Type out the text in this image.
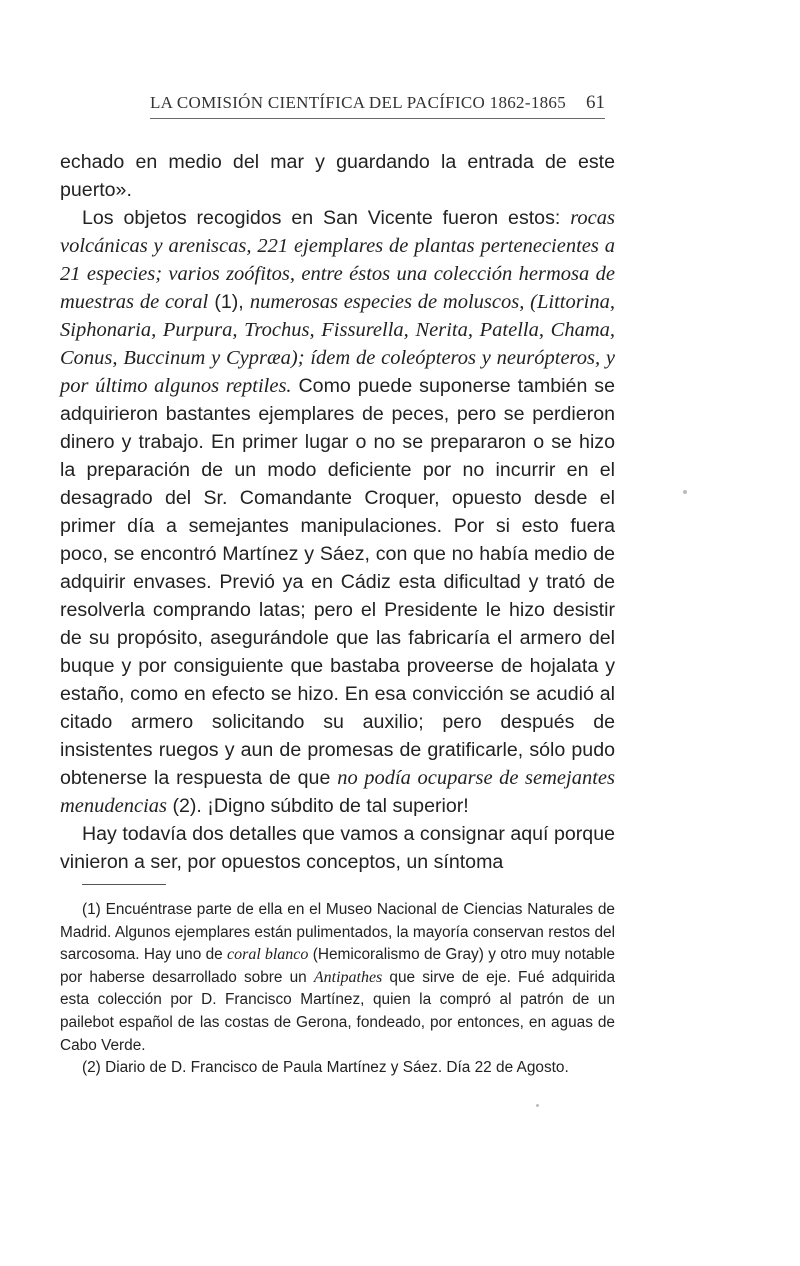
LA COMISIÓN CIENTÍFICA DEL PACÍFICO 1862-1865	61

echado en medio del mar y guardando la entrada de este puerto».

Los objetos recogidos en San Vicente fueron estos: rocas volcánicas y areniscas, 221 ejemplares de plantas pertenecientes a 21 especies; varios zoófitos, entre éstos una colección hermosa de muestras de coral (1), numerosas especies de moluscos, (Littorina, Siphonaria, Purpura, Trochus, Fissurella, Nerita, Patella, Chama, Conus, Buccinum y Cypræa); ídem de coleópteros y neurópteros, y por último algunos reptiles. Como puede suponerse también se adquirieron bastantes ejemplares de peces, pero se perdieron dinero y trabajo. En primer lugar o no se prepararon o se hizo la preparación de un modo deficiente por no incurrir en el desagrado del Sr. Comandante Croquer, opuesto desde el primer día a semejantes manipulaciones. Por si esto fuera poco, se encontró Martínez y Sáez, con que no había medio de adquirir envases. Previó ya en Cádiz esta dificultad y trató de resolverla comprando latas; pero el Presidente le hizo desistir de su propósito, asegurándole que las fabricaría el armero del buque y por consiguiente que bastaba proveerse de hojalata y estaño, como en efecto se hizo. En esa convicción se acudió al citado armero solicitando su auxilio; pero después de insistentes ruegos y aun de promesas de gratificarle, sólo pudo obtenerse la respuesta de que no podía ocuparse de semejantes menudencias (2). ¡Digno súbdito de tal superior!

Hay todavía dos detalles que vamos a consignar aquí porque vinieron a ser, por opuestos conceptos, un síntoma

(1) Encuéntrase parte de ella en el Museo Nacional de Ciencias Naturales de Madrid. Algunos ejemplares están pulimentados, la mayoría conservan restos del sarcosoma. Hay uno de coral blanco (Hemicoralismo de Gray) y otro muy notable por haberse desarrollado sobre un Antipathes que sirve de eje. Fué adquirida esta colección por D. Francisco Martínez, quien la compró al patrón de un pailebot español de las costas de Gerona, fondeado, por entonces, en aguas de Cabo Verde.

(2) Diario de D. Francisco de Paula Martínez y Sáez. Día 22 de Agosto.
